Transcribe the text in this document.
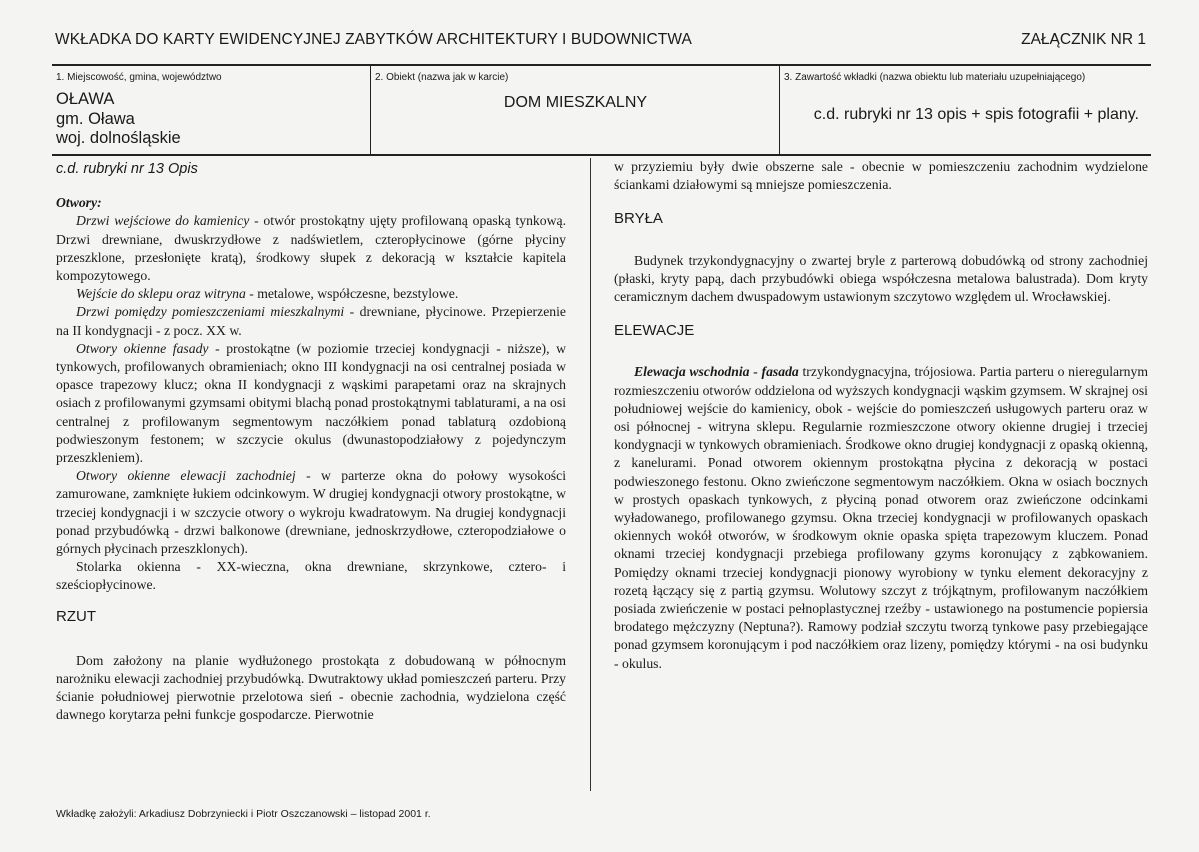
WKŁADKA DO KARTY EWIDENCYJNEJ ZABYTKÓW ARCHITEKTURY I BUDOWNICTWA	ZAŁĄCZNIK NR 1
1. Miejscowość, gmina, województwo
OŁAWA
gm. Oława
woj. dolnośląskie
2. Obiekt (nazwa jak w karcie)
DOM MIESZKALNY
3. Zawartość wkładki (nazwa obiektu lub materiału uzupełniającego)
c.d. rubryki nr 13 opis + spis fotografii + plany.

c.d. rubryki nr 13 Opis

Otwory:

Drzwi wejściowe do kamienicy - otwór prostokątny ujęty profilowaną opaską tynkową. Drzwi drewniane, dwuskrzydłowe z nadświetlem, czteropłycinowe (górne płyciny przeszklone, przesłonięte kratą), środkowy słupek z dekoracją w kształcie kapitela kompozytowego.

Wejście do sklepu oraz witryna - metalowe, współczesne, bezstylowe.

Drzwi pomiędzy pomieszczeniami mieszkalnymi - drewniane, płycinowe. Przepierzenie na II kondygnacji - z pocz. XX w.

Otwory okienne fasady - prostokątne (w poziomie trzeciej kondygnacji - niższe), w tynkowych, profilowanych obramieniach; okno III kondygnacji na osi centralnej posiada w opasce trapezowy klucz; okna II kondygnacji z wąskimi parapetami oraz na skrajnych osiach z profilowanymi gzymsami obitymi blachą ponad prostokątnymi tablaturami, a na osi centralnej z profilowanym segmentowym naczółkiem ponad tablaturą ozdobioną podwieszonym festonem; w szczycie okulus (dwunastopodziałowy z pojedynczym przeszkleniem).

Otwory okienne elewacji zachodniej - w parterze okna do połowy wysokości zamurowane, zamknięte łukiem odcinkowym. W drugiej kondygnacji otwory prostokątne, w trzeciej kondygnacji i w szczycie otwory o wykroju kwadratowym. Na drugiej kondygnacji ponad przybudówką - drzwi balkonowe (drewniane, jednoskrzydłowe, czteropodziałowe o górnych płycinach przeszklonych).

Stolarka okienna - XX-wieczna, okna drewniane, skrzynkowe, cztero- i sześciopłycinowe.

RZUT

Dom założony na planie wydłużonego prostokąta z dobudowaną w północnym narożniku elewacji zachodniej przybudówką. Dwutraktowy układ pomieszczeń parteru. Przy ścianie południowej pierwotnie przelotowa sień - obecnie zachodnia, wydzielona część dawnego korytarza pełni funkcje gospodarcze. Pierwotnie

w przyziemiu były dwie obszerne sale - obecnie w pomieszczeniu zachodnim wydzielone ściankami działowymi są mniejsze pomieszczenia.

BRYŁA

Budynek trzykondygnacyjny o zwartej bryle z parterową dobudówką od strony zachodniej (płaski, kryty papą, dach przybudówki obiega współczesna metalowa balustrada). Dom kryty ceramicznym dachem dwuspadowym ustawionym szczytowo względem ul. Wrocławskiej.

ELEWACJE

Elewacja wschodnia - fasada trzykondygnacyjna, trójosiowa. Partia parteru o nieregularnym rozmieszczeniu otworów oddzielona od wyższych kondygnacji wąskim gzymsem. W skrajnej osi południowej wejście do kamienicy, obok - wejście do pomieszczeń usługowych parteru oraz w osi północnej - witryna sklepu. Regularnie rozmieszczone otwory okienne drugiej i trzeciej kondygnacji w tynkowych obramieniach. Środkowe okno drugiej kondygnacji z opaską okienną, z kanelurami. Ponad otworem okiennym prostokątna płycina z dekoracją w postaci podwieszonego festonu. Okno zwieńczone segmentowym naczółkiem. Okna w osiach bocznych w prostych opaskach tynkowych, z płyciną ponad otworem oraz zwieńczone odcinkami wyładowanego, profilowanego gzymsu. Okna trzeciej kondygnacji w profilowanych opaskach okiennych wokół otworów, w środkowym oknie opaska spięta trapezowym kluczem. Ponad oknami trzeciej kondygnacji przebiega profilowany gzyms koronujący z ząbkowaniem. Pomiędzy oknami trzeciej kondygnacji pionowy wyrobiony w tynku element dekoracyjny z rozetą łączący się z partią gzymsu. Wolutowy szczyt z trójkątnym, profilowanym naczółkiem posiada zwieńczenie w postaci pełnoplastycznej rzeźby - ustawionego na postumencie popiersia brodatego mężczyzny (Neptuna?). Ramowy podział szczytu tworzą tynkowe pasy przebiegające ponad gzymsem koronującym i pod naczółkiem oraz lizeny, pomiędzy którymi - na osi budynku - okulus.

Wkładkę założyli: Arkadiusz Dobrzyniecki i Piotr Oszczanowski – listopad 2001 r.
